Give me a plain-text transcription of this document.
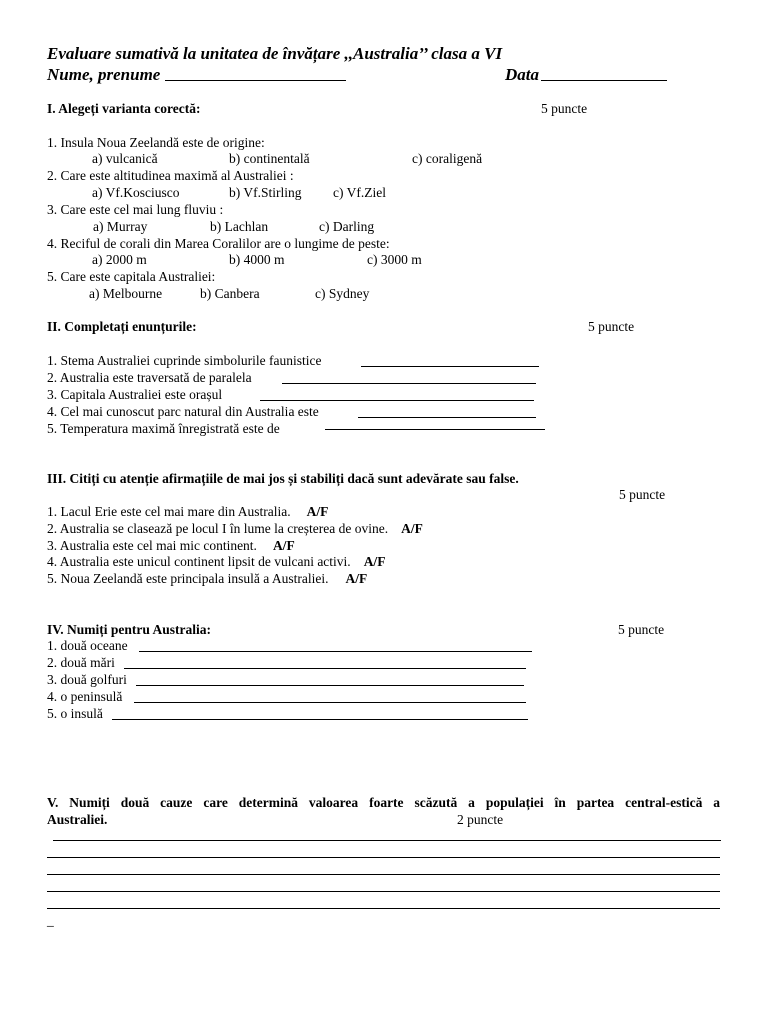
Evaluare sumativă la unitatea de învățare ,,Australia’’ clasa a VI
Nume, prenume	Data
I. Alegeți varianta corectă:	5 puncte
1. Insula Noua Zeelandă este de origine:
a) vulcanică	b) continentală	c) coraligenă
2. Care este altitudinea maximă al Australiei :
a) Vf.Kosciusco	b) Vf.Stirling c) Vf.Ziel
3. Care este cel mai lung fluviu :
a) Murray	b) Lachlan	c) Darling
4. Reciful de corali din Marea Coralilor are o lungime de peste:
a) 2000 m	b) 4000 m	c) 3000 m
5. Care este capitala Australiei:
a) Melbourne	b) Canbera	c) Sydney
II. Completați enunțurile:	5 puncte
1. Stema Australiei cuprinde simbolurile faunistice
2. Australia este traversată de paralela
3. Capitala Australiei este orașul
4. Cel mai cunoscut parc natural din Australia este
5. Temperatura maximă înregistrată este de
III. Citiți cu atenție afirmațiile de mai jos și stabiliți dacă sunt adevărate sau false.
5 puncte
1. Lacul Erie este cel mai mare din Australia. A/F
2. Australia se clasează pe locul I în lume la creșterea de ovine. A/F
3. Australia este cel mai mic continent. A/F
4. Australia este unicul continent lipsit de vulcani activi. A/F
5. Noua Zeelandă este principala insulă a Australiei. A/F
IV. Numiți pentru Australia:	5 puncte
1. două oceane
2. două mări
3. două golfuri
4. o peninsulă
5. o insulă
V. Numiți două cauze care determină valoarea foarte scăzută a populației în partea central-estică a
Australiei.	2 puncte
_
